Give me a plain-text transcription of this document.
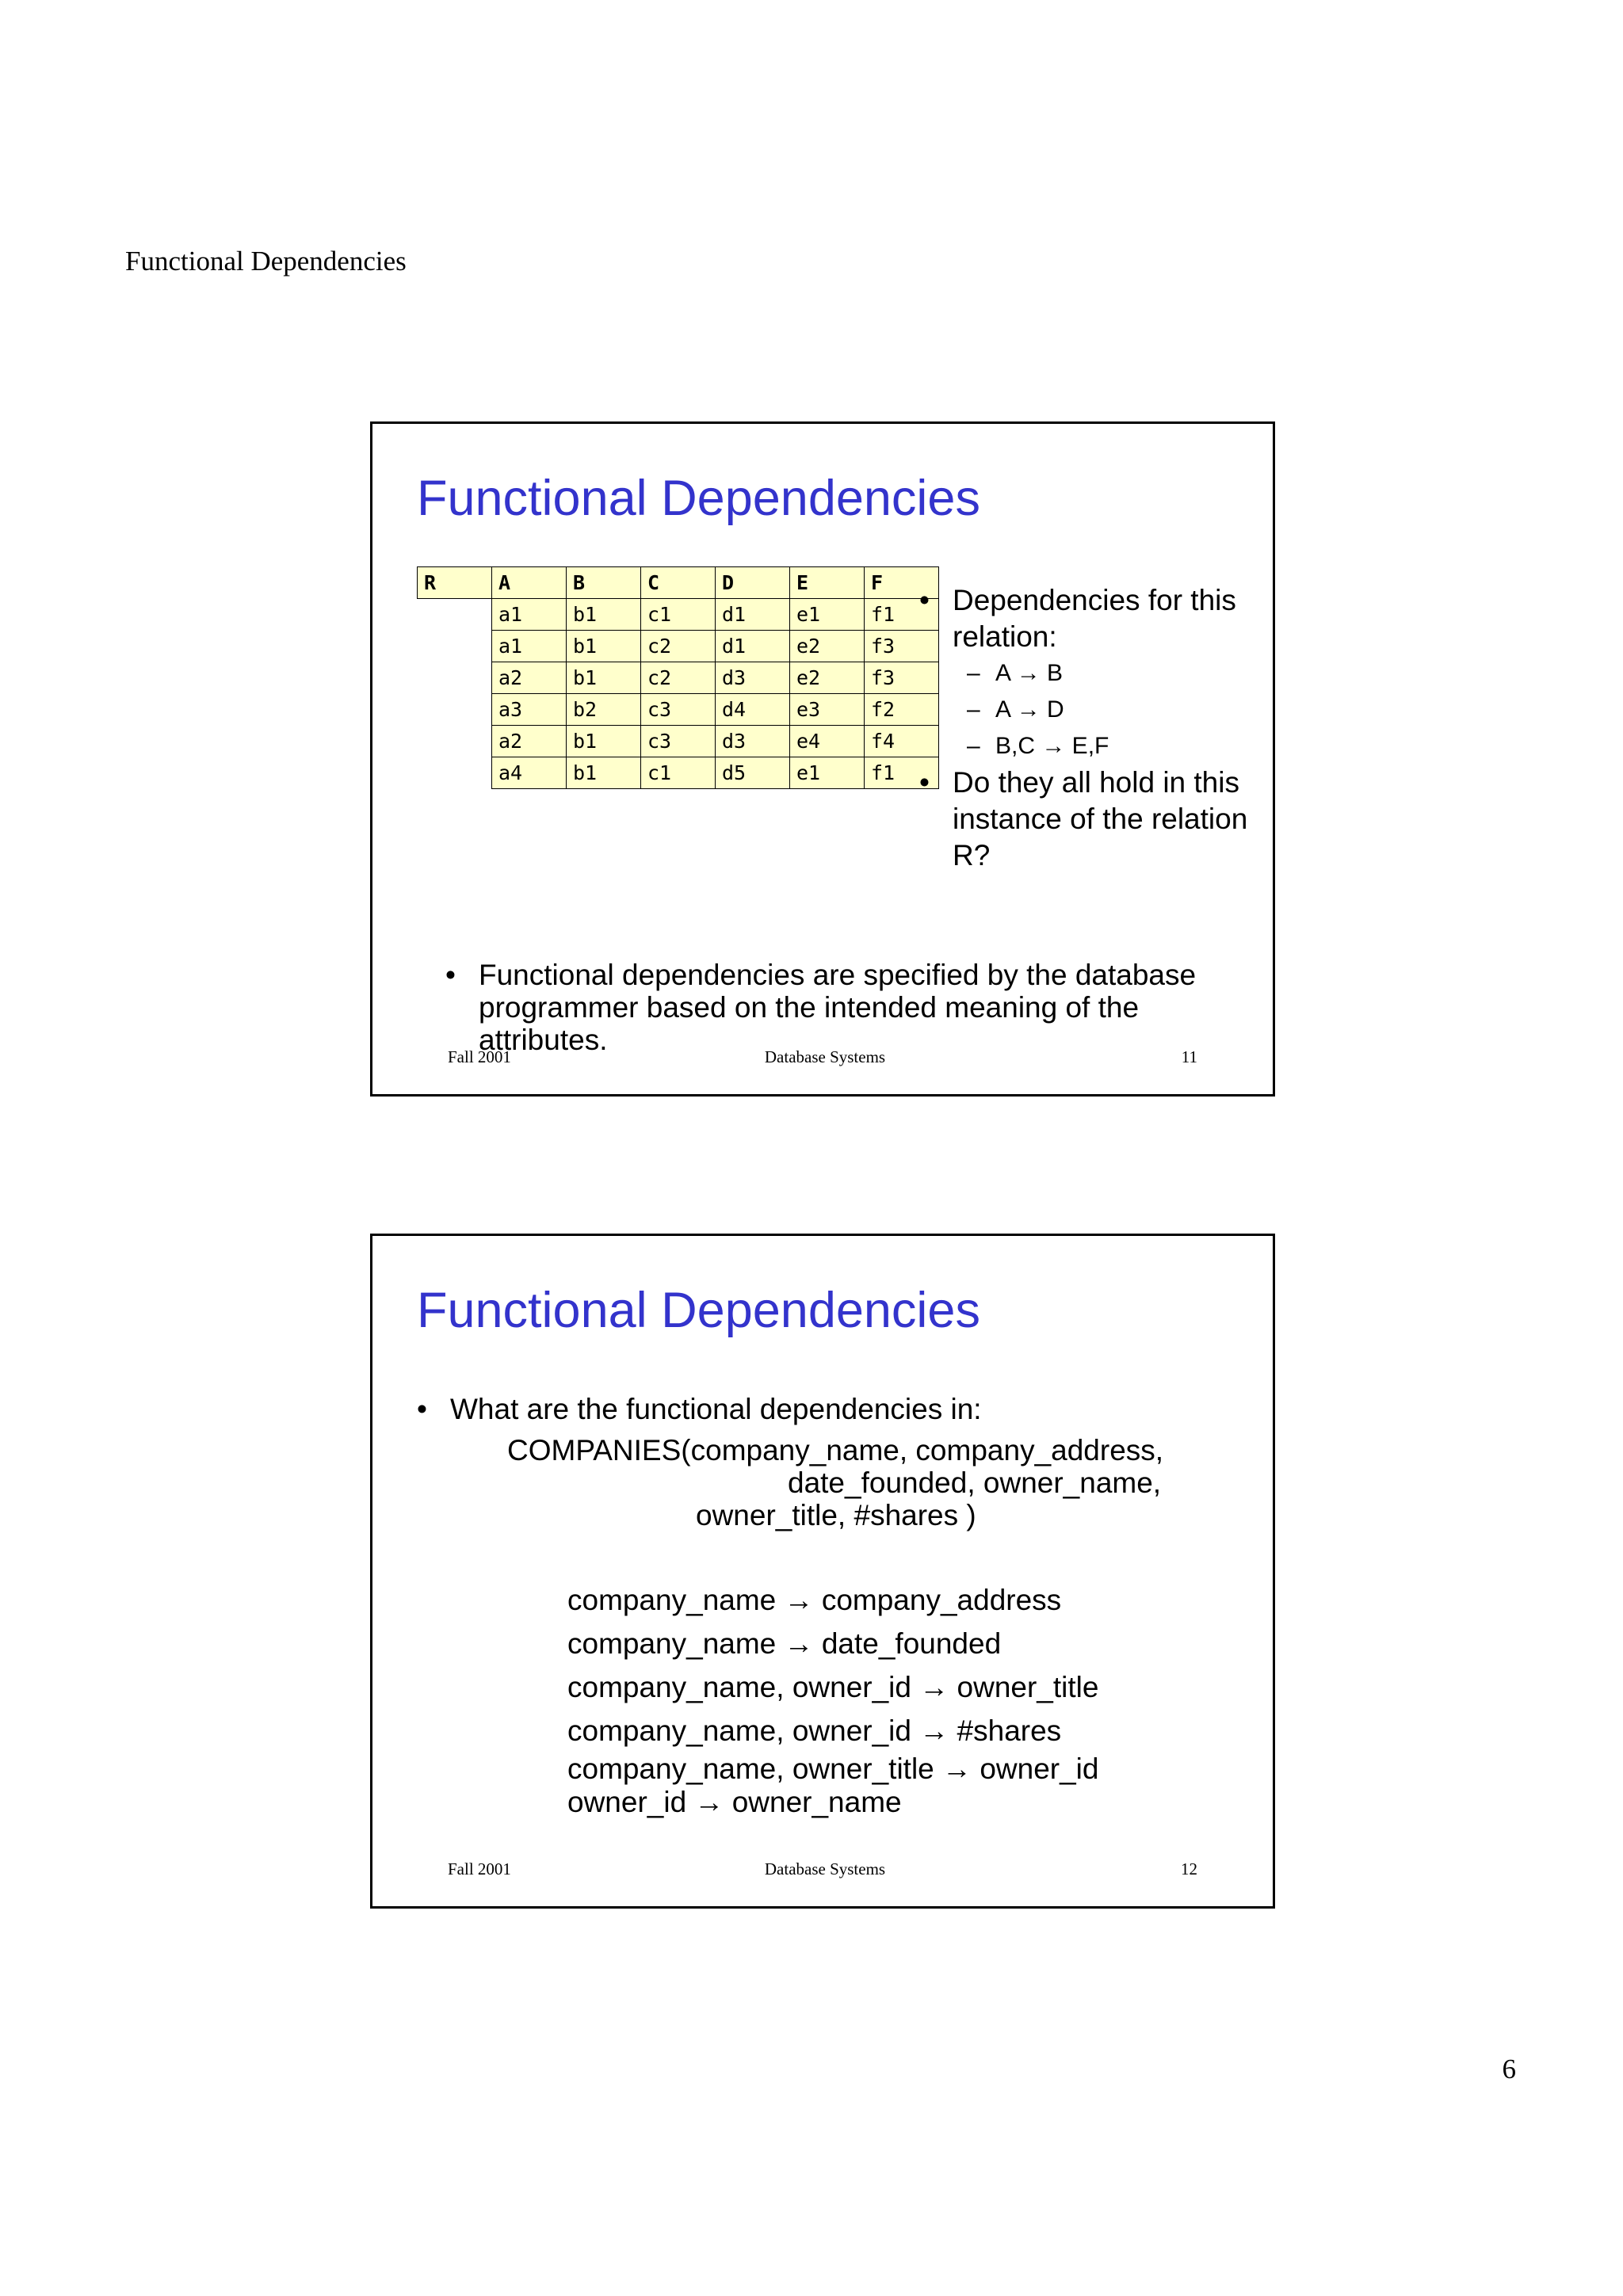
Functional Dependencies
Functional Dependencies
R	A	B	C	D	E	F
	a1	b1	c1	d1	e1	f1
	a1	b1	c2	d1	e2	f3
	a2	b1	c2	d3	e2	f3
	a3	b2	c3	d4	e3	f2
	a2	b1	c3	d3	e4	f4
	a4	b1	c1	d5	e1	f1
• Dependencies for this relation:
– A → B
– A → D
– B,C → E,F
• Do they all hold in this instance of the relation R?
• Functional dependencies are specified by the database programmer based on the intended meaning of the attributes.
Fall 2001	Database Systems	11
Functional Dependencies
• What are the functional dependencies in:
COMPANIES(company_name, company_address,
date_founded, owner_name,
owner_title, #shares )
company_name → company_address
company_name → date_founded
company_name, owner_id → owner_title
company_name, owner_id → #shares
company_name, owner_title → owner_id
owner_id → owner_name
Fall 2001	Database Systems	12
6
